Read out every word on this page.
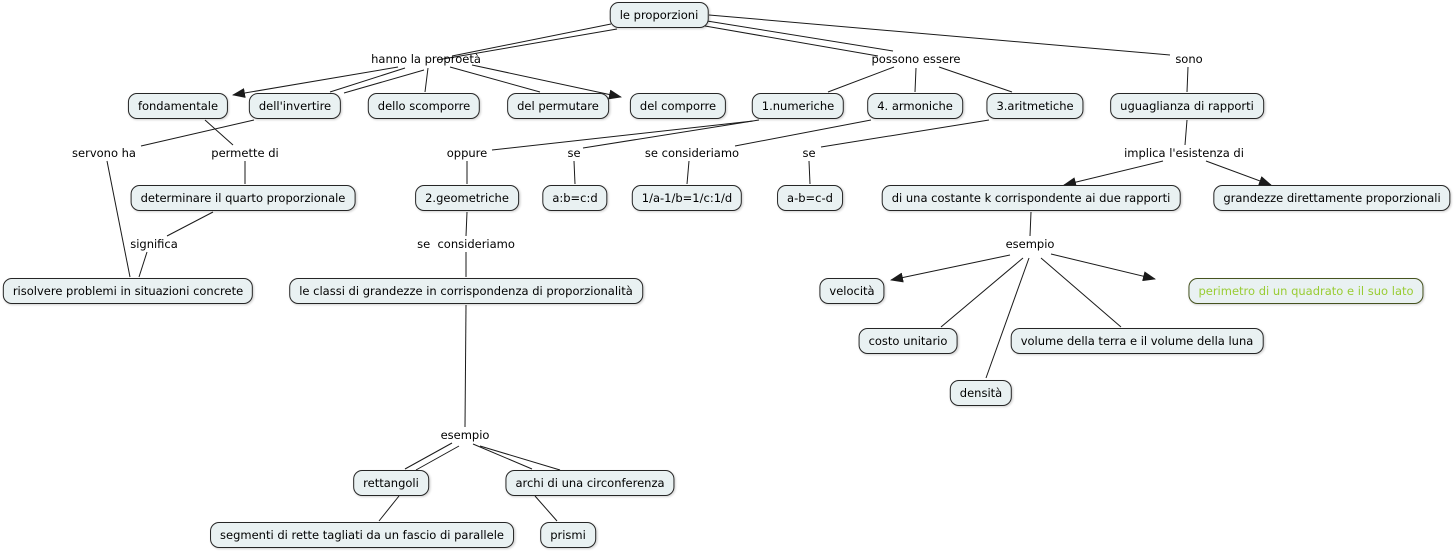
le proporzioni
fondamentale	dell'invertire	dello scomporre	del permutare	del comporre	1.numeriche	4. armoniche	3.aritmetiche	uguaglianza di rapporti
determinare il quarto proporzionale	2.geometriche	a:b=c:d	1/a-1/b=1/c:1/d	a-b=c-d	di una costante k corrispondente ai due rapporti	grandezze direttamente proporzionali
risolvere problemi in situazioni concrete	le classi di grandezze in corrispondenza di proporzionalità	velocità	perimetro di un quadrato e il suo lato
costo unitario	volume della terra e il volume della luna
densità
rettangoli	archi di una circonferenza
segmenti di rette tagliati da un fascio di parallele	prismi
hanno la proproetà	possono essere	sono
servono ha	permette di	oppure	se	se consideriamo	se	implica l'esistenza di
significa	se  consideriamo	esempio
esempio
